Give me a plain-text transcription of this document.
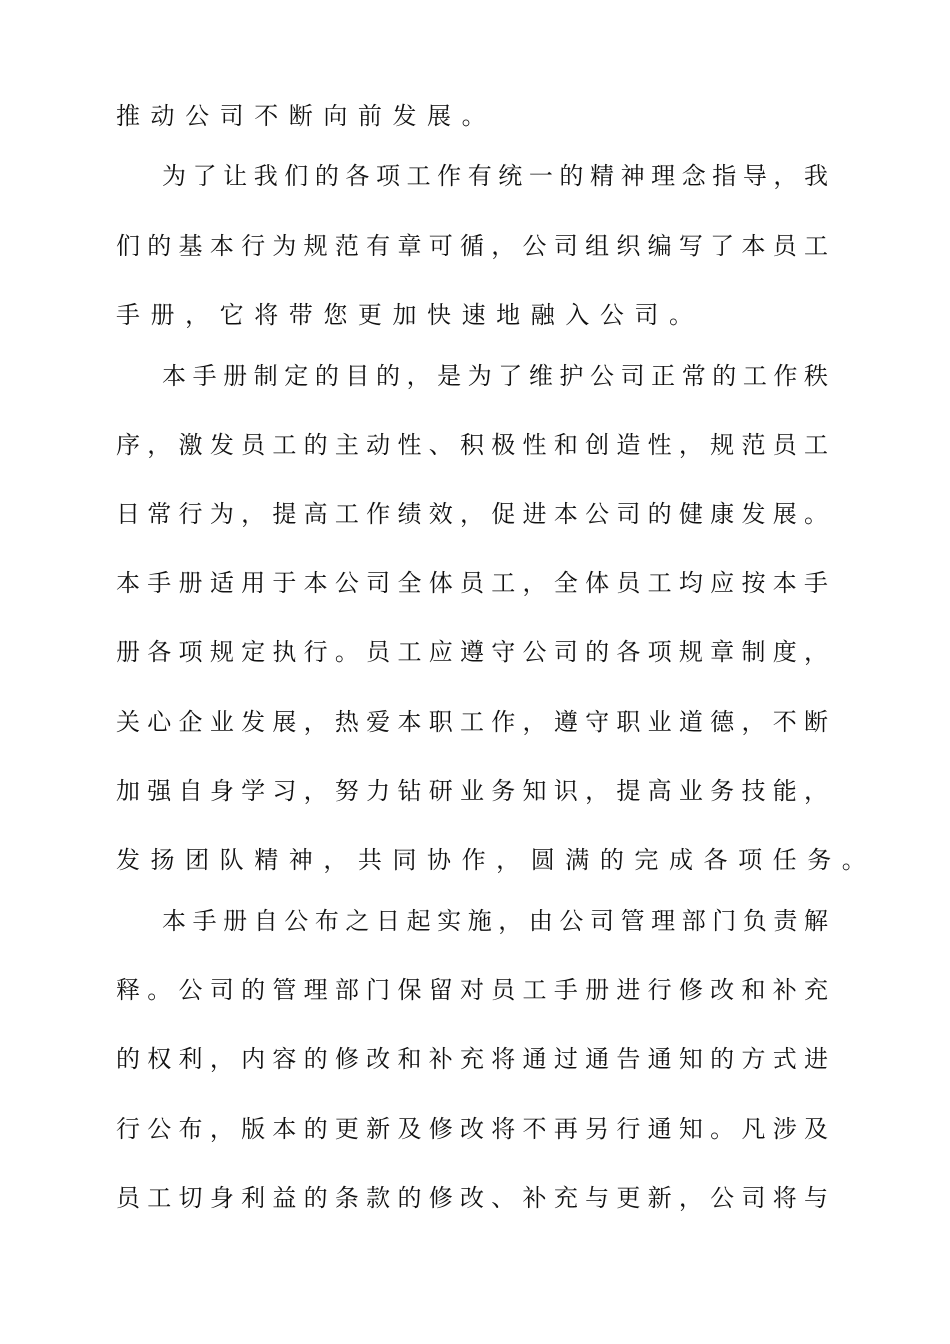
推动公司不断向前发展。
为了让我们的各项工作有统一的精神理念指导，我
们的基本行为规范有章可循，公司组织编写了本员工
手册，它将带您更加快速地融入公司。
本手册制定的目的，是为了维护公司正常的工作秩
序，激发员工的主动性、积极性和创造性，规范员工
日常行为，提高工作绩效，促进本公司的健康发展。
本手册适用于本公司全体员工，全体员工均应按本手
册各项规定执行。员工应遵守公司的各项规章制度，
关心企业发展，热爱本职工作，遵守职业道德，不断
加强自身学习，努力钻研业务知识，提高业务技能，
发扬团队精神，共同协作，圆满的完成各项任务。
本手册自公布之日起实施，由公司管理部门负责解
释。公司的管理部门保留对员工手册进行修改和补充
的权利，内容的修改和补充将通过通告通知的方式进
行公布，版本的更新及修改将不再另行通知。凡涉及
员工切身利益的条款的修改、补充与更新，公司将与
